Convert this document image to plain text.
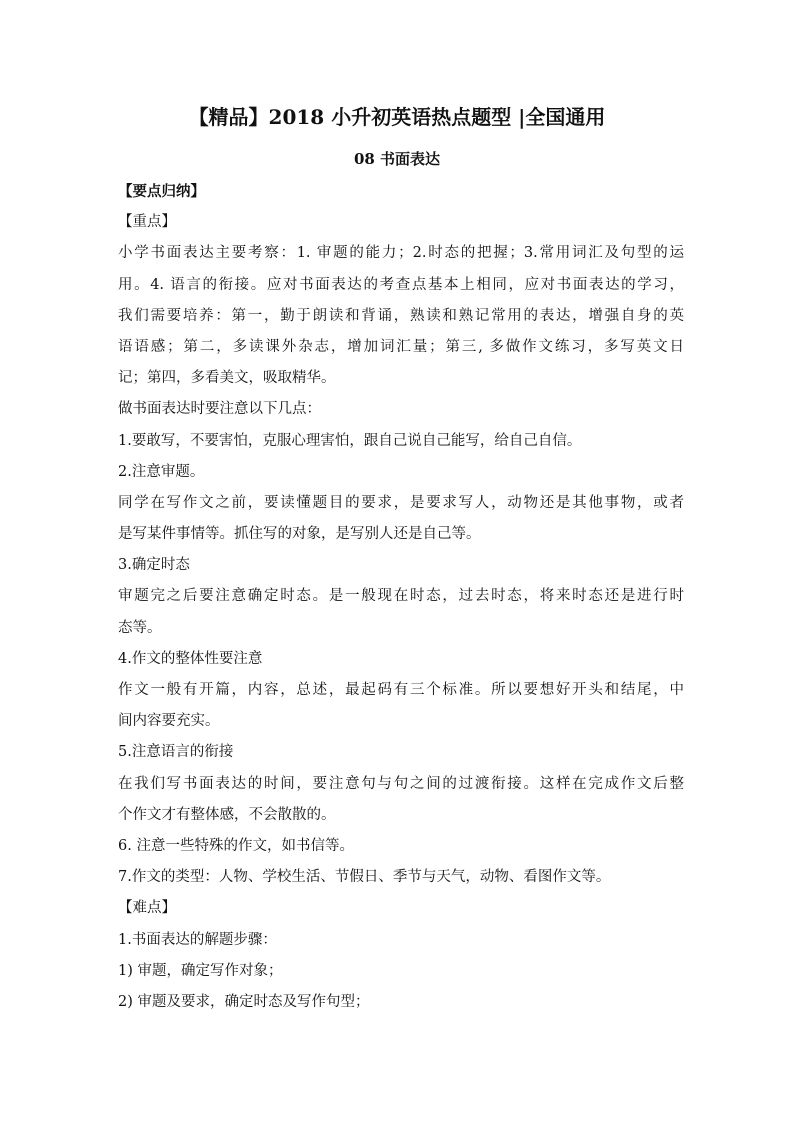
【精品】2018 小升初英语热点题型 |全国通用
08 书面表达
【要点归纳】
【重点】
小学书面表达主要考察：1. 审题的能力；2.时态的把握；3.常用词汇及句型的运
用。4. 语言的衔接。应对书面表达的考查点基本上相同，应对书面表达的学习，
我们需要培养：第一，勤于朗读和背诵，熟读和熟记常用的表达，增强自身的英
语语感；第二，多读课外杂志，增加词汇量；第三, 多做作文练习，多写英文日
记；第四，多看美文，吸取精华。
做书面表达时要注意以下几点：
1.要敢写，不要害怕，克服心理害怕，跟自己说自己能写，给自己自信。
2.注意审题。
同学在写作文之前，要读懂题目的要求，是要求写人，动物还是其他事物，或者
是写某件事情等。抓住写的对象，是写别人还是自己等。
3.确定时态
审题完之后要注意确定时态。是一般现在时态，过去时态，将来时态还是进行时
态等。
4.作文的整体性要注意
作文一般有开篇，内容，总述，最起码有三个标准。所以要想好开头和结尾，中
间内容要充实。
5.注意语言的衔接
在我们写书面表达的时间，要注意句与句之间的过渡衔接。这样在完成作文后整
个作文才有整体感，不会散散的。
6. 注意一些特殊的作文，如书信等。
7.作文的类型：人物、学校生活、节假日、季节与天气，动物、看图作文等。
【难点】
1.书面表达的解题步骤：
1) 审题，确定写作对象；
2) 审题及要求，确定时态及写作句型；
